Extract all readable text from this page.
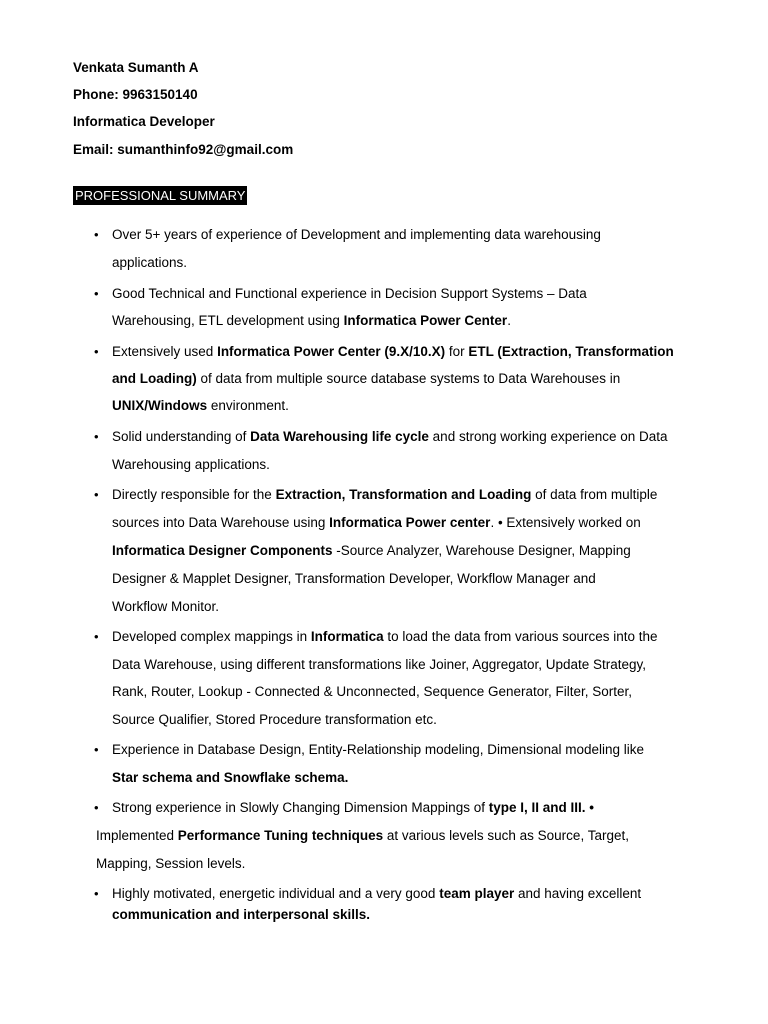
Venkata Sumanth A
Phone: 9963150140
Informatica Developer
Email: sumanthinfo92@gmail.com
PROFESSIONAL SUMMARY
• Over 5+ years of experience of Development and implementing data warehousing
applications.
• Good Technical and Functional experience in Decision Support Systems – Data
Warehousing, ETL development using Informatica Power Center.
• Extensively used Informatica Power Center (9.X/10.X) for ETL (Extraction, Transformation
and Loading) of data from multiple source database systems to Data Warehouses in
UNIX/Windows environment.
• Solid understanding of Data Warehousing life cycle and strong working experience on Data
Warehousing applications.
• Directly responsible for the Extraction, Transformation and Loading of data from multiple
sources into Data Warehouse using Informatica Power center. • Extensively worked on
Informatica Designer Components -Source Analyzer, Warehouse Designer, Mapping
Designer & Mapplet Designer, Transformation Developer, Workflow Manager and
Workflow Monitor.
• Developed complex mappings in Informatica to load the data from various sources into the
Data Warehouse, using different transformations like Joiner, Aggregator, Update Strategy,
Rank, Router, Lookup - Connected & Unconnected, Sequence Generator, Filter, Sorter,
Source Qualifier, Stored Procedure transformation etc.
• Experience in Database Design, Entity-Relationship modeling, Dimensional modeling like
Star schema and Snowflake schema.
• Strong experience in Slowly Changing Dimension Mappings of type I, II and III. •
Implemented Performance Tuning techniques at various levels such as Source, Target,
Mapping, Session levels.
• Highly motivated, energetic individual and a very good team player and having excellent
communication and interpersonal skills.
